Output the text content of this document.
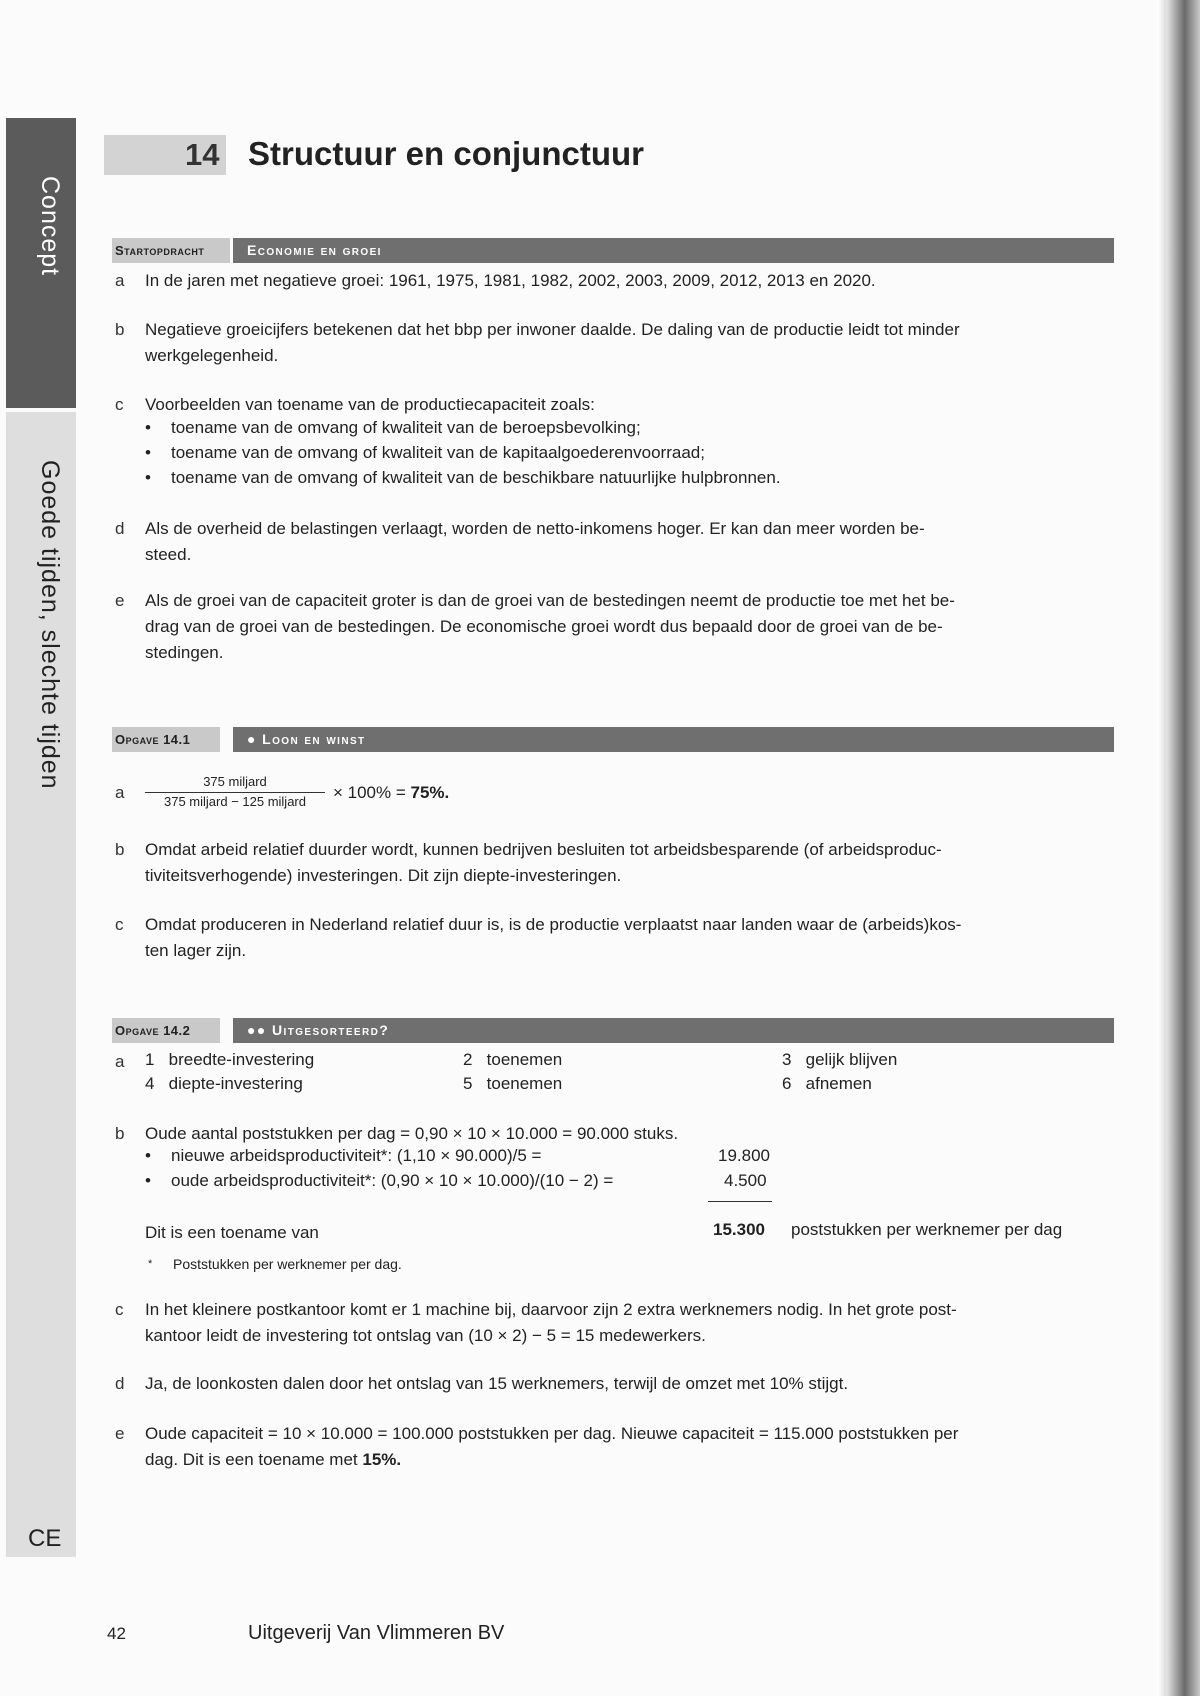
Concept
Goede tijden, slechte tijden
CE
14 Structuur en conjunctuur
Startopdracht	Economie en groei
a In de jaren met negatieve groei: 1961, 1975, 1981, 1982, 2002, 2003, 2009, 2012, 2013 en 2020.
b Negatieve groeicijfers betekenen dat het bbp per inwoner daalde. De daling van de productie leidt tot minder
werkgelegenheid.
c Voorbeelden van toename van de productiecapaciteit zoals:
• toename van de omvang of kwaliteit van de beroepsbevolking;
• toename van de omvang of kwaliteit van de kapitaalgoederenvoorraad;
• toename van de omvang of kwaliteit van de beschikbare natuurlijke hulpbronnen.
d Als de overheid de belastingen verlaagt, worden de netto-inkomens hoger. Er kan dan meer worden be-
steed.
e Als de groei van de capaciteit groter is dan de groei van de bestedingen neemt de productie toe met het be-
drag van de groei van de bestedingen. De economische groei wordt dus bepaald door de groei van de be-
stedingen.
Opgave 14.1	● Loon en winst
a
375 miljard
375 miljard − 125 miljard	× 100% = 75%.
b Omdat arbeid relatief duurder wordt, kunnen bedrijven besluiten tot arbeidsbesparende (of arbeidsproduc-
tiviteitsverhogende) investeringen. Dit zijn diepte-investeringen.
c Omdat produceren in Nederland relatief duur is, is de productie verplaatst naar landen waar de (arbeids)kos-
ten lager zijn.
Opgave 14.2	●● Uitgesorteerd?
a 1 breedte-investering	2 toenemen	3 gelijk blijven
4 diepte-investering	5 toenemen	6 afnemen
b Oude aantal poststukken per dag = 0,90 × 10 × 10.000 = 90.000 stuks.
• nieuwe arbeidsproductiviteit*: (1,10 × 90.000)/5 =	19.800
• oude arbeidsproductiviteit*: (0,90 × 10 × 10.000)/(10 − 2) =	4.500
Dit is een toename van	15.300 poststukken per werknemer per dag
* Poststukken per werknemer per dag.
c In het kleinere postkantoor komt er 1 machine bij, daarvoor zijn 2 extra werknemers nodig. In het grote post-
kantoor leidt de investering tot ontslag van (10 × 2) − 5 = 15 medewerkers.
d Ja, de loonkosten dalen door het ontslag van 15 werknemers, terwijl de omzet met 10% stijgt.
e Oude capaciteit = 10 × 10.000 = 100.000 poststukken per dag. Nieuwe capaciteit = 115.000 poststukken per
dag. Dit is een toename met 15%.
42	Uitgeverij Van Vlimmeren BV
